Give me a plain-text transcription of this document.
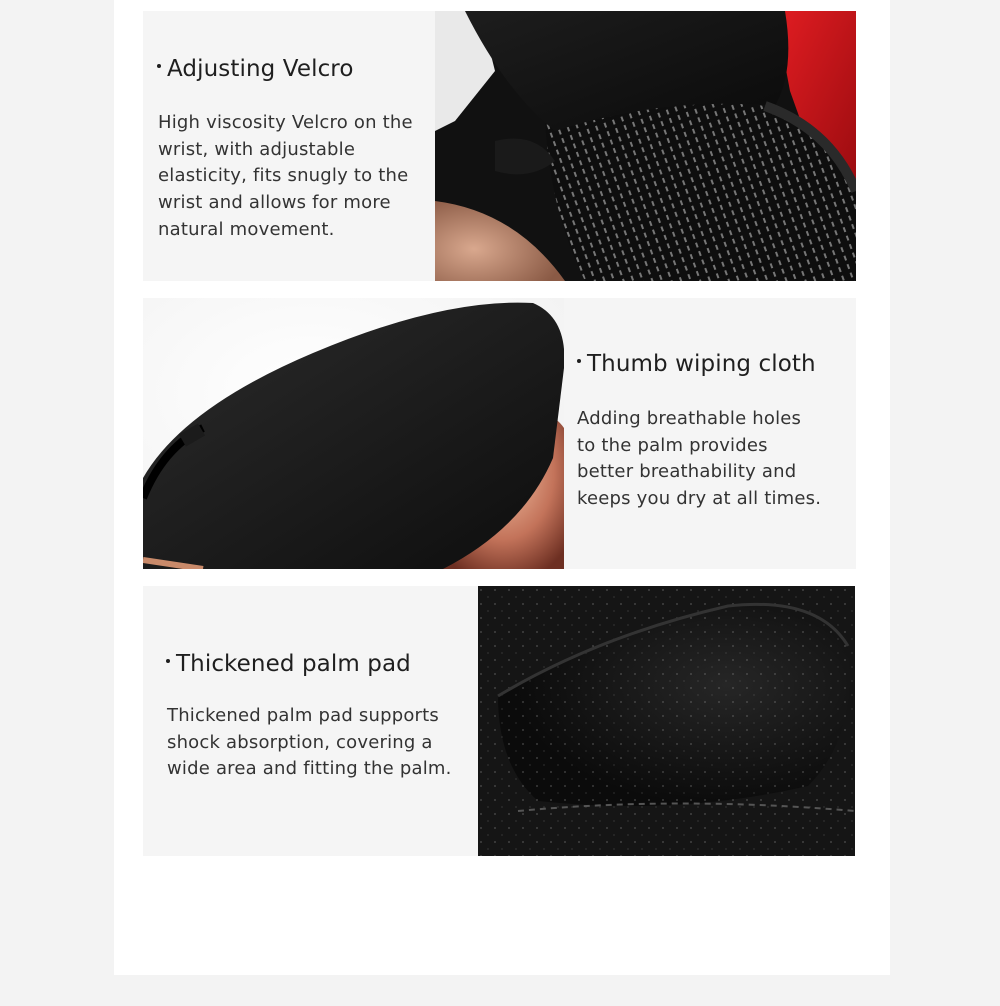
Adjusting Velcro

High viscosity Velcro on the
wrist, with adjustable
elasticity, fits snugly to the
wrist and allows for more
natural movement.

Thumb wiping cloth

Adding breathable holes
to the palm provides
better breathability and
keeps you dry at all times.

Thickened palm pad

Thickened palm pad supports
shock absorption, covering a
wide area and fitting the palm.
